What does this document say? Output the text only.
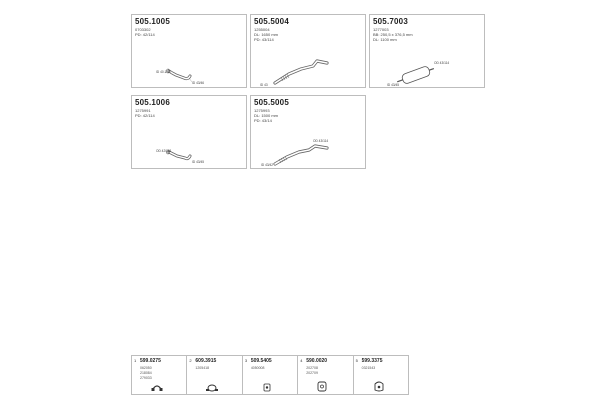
505.1005
0703302
PD: 42/114
ID 40.1 16
ID 43/46
505.5004
1255004
DL: 1650 mm
PD: 43/114
ID 43
505.7003
1277003
BB: 250,5 x 376,5 mm
DL: 1100 mm
OD 43/114
ID 43/45
505.1006
1275991
PD: 42/114
OD 42/118
ID 43/45
505.5005
1275993
DL: 1500 mm
PD: 43/14
OD 43/114
ID 43/42
1 599.0275
062050
218084
279033
2 609.3915
1205418
3 509.5405
4050008
4 590.0020
202708
202709
5 599.3375
0321543
